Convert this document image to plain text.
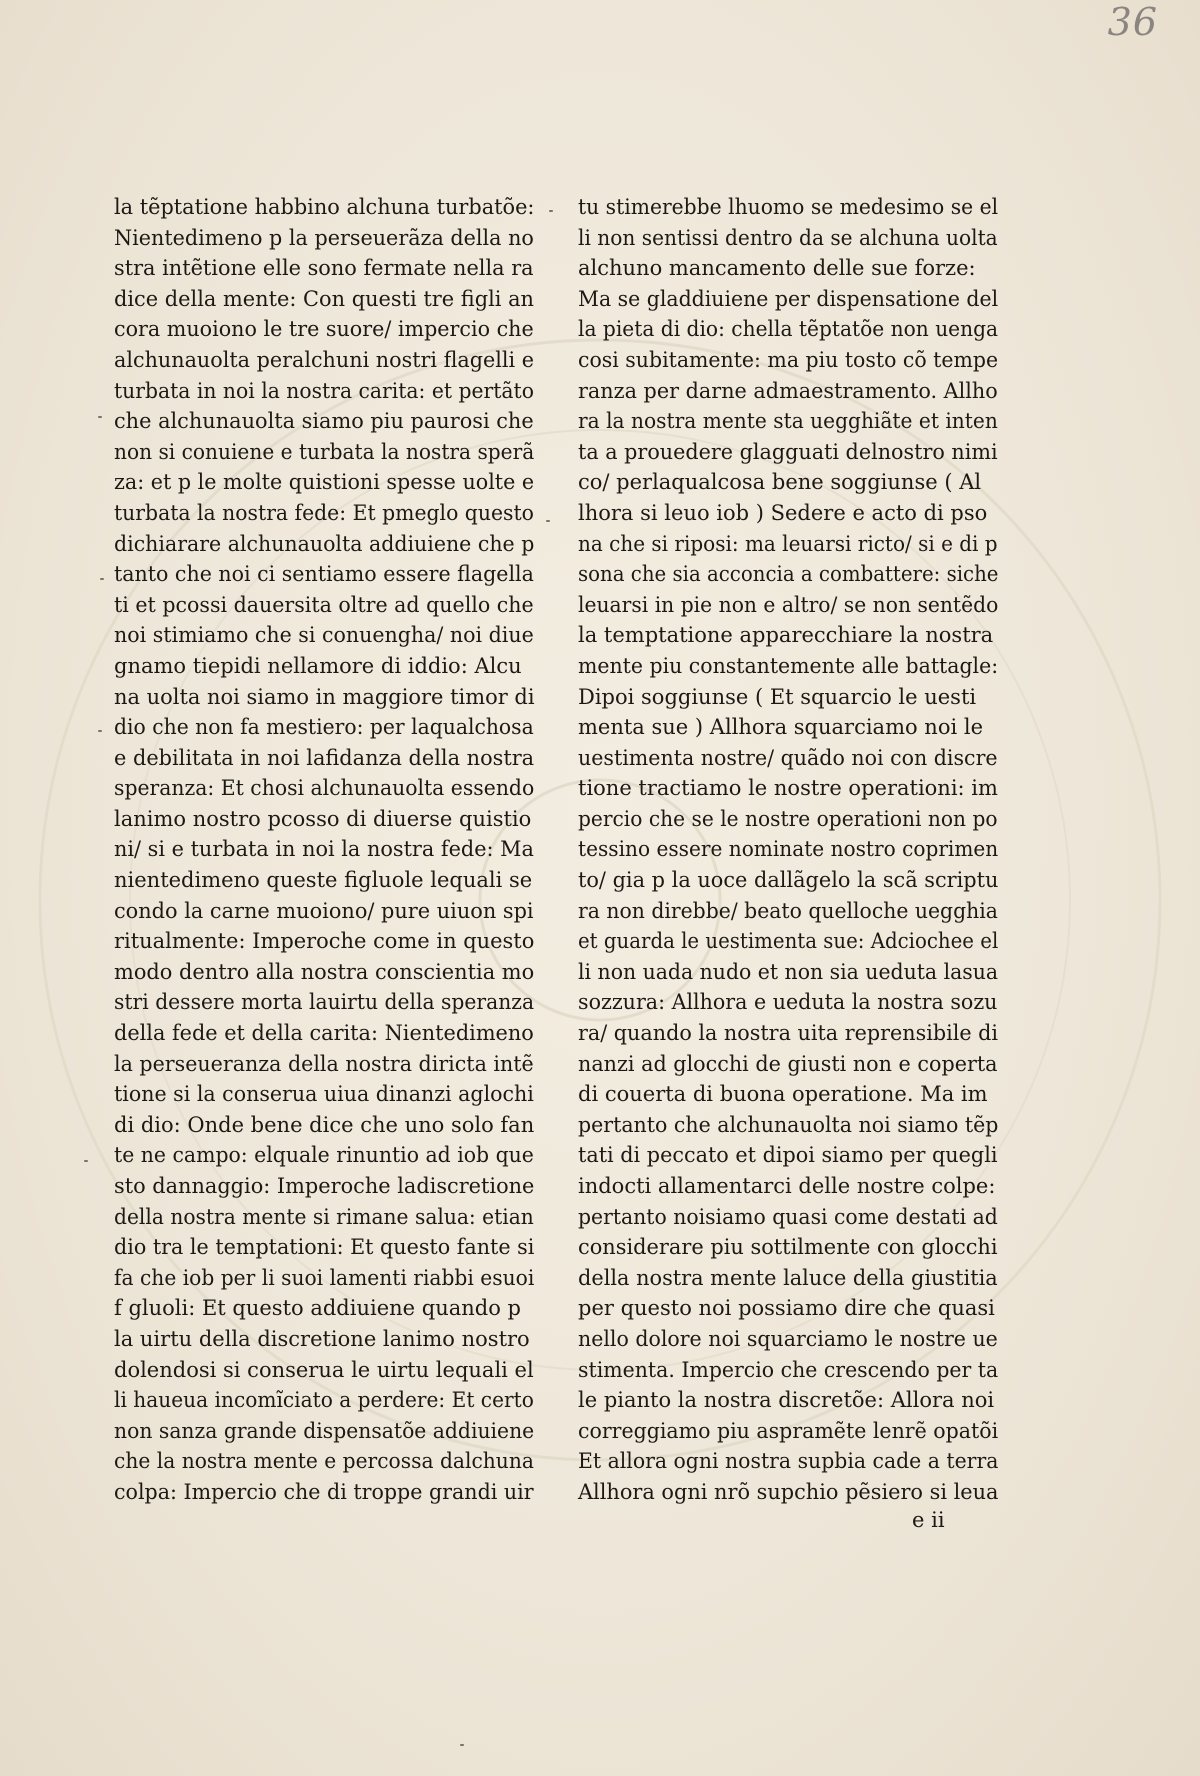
36
la tẽptatione habbino alchuna turbatõe:
Nientedimeno p la perseuerãza della no
stra intẽtione elle sono fermate nella ra
dice della mente: Con questi tre figli an
cora muoiono le tre suore/ impercio che
alchunauolta peralchuni nostri flagelli e
turbata in noi la nostra carita: et pertãto
che alchunauolta siamo piu paurosi che
non si conuiene e turbata la nostra sperã
za: et p le molte quistioni spesse uolte e
turbata la nostra fede: Et pmeglo questo
dichiarare alchunauolta addiuiene che p
tanto che noi ci sentiamo essere flagella
ti et pcossi dauersita oltre ad quello che
noi stimiamo che si conuengha/ noi diue
gnamo tiepidi nellamore di iddio: Alcu
na uolta noi siamo in maggiore timor di
dio che non fa mestiero: per laqualchosa
e debilitata in noi lafidanza della nostra
speranza: Et chosi alchunauolta essendo
lanimo nostro pcosso di diuerse quistio
ni/ si e turbata in noi la nostra fede: Ma
nientedimeno queste figluole lequali se
condo la carne muoiono/ pure uiuon spi
ritualmente: Imperoche come in questo
modo dentro alla nostra conscientia mo
stri dessere morta lauirtu della speranza
della fede et della carita: Nientedimeno
la perseueranza della nostra diricta intẽ
tione si la conserua uiua dinanzi aglochi
di dio: Onde bene dice che uno solo fan
te ne campo: elquale rinuntio ad iob que
sto dannaggio: Imperoche ladiscretione
della nostra mente si rimane salua: etian
dio tra le temptationi: Et questo fante si
fa che iob per li suoi lamenti riabbi esuoi
f gluoli: Et questo addiuiene quando p
la uirtu della discretione lanimo nostro
dolendosi si conserua le uirtu lequali el
li haueua incomĩciato a perdere: Et certo
non sanza grande dispensatõe addiuiene
che la nostra mente e percossa dalchuna
colpa: Impercio che di troppe grandi uir
tu stimerebbe lhuomo se medesimo se el
li non sentissi dentro da se alchuna uolta
alchuno mancamento delle sue forze:
Ma se gladdiuiene per dispensatione del
la pieta di dio: chella tẽptatõe non uenga
cosi subitamente: ma piu tosto cõ tempe
ranza per darne admaestramento. Allho
ra la nostra mente sta uegghiãte et inten
ta a prouedere glagguati delnostro nimi
co/ perlaqualcosa bene soggiunse ( Al
lhora si leuo iob ) Sedere e acto di pso
na che si riposi: ma leuarsi ricto/ si e di p
sona che sia acconcia a combattere: siche
leuarsi in pie non e altro/ se non sentẽdo
la temptatione apparecchiare la nostra
mente piu constantemente alle battagle:
Dipoi soggiunse ( Et squarcio le uesti
menta sue ) Allhora squarciamo noi le
uestimenta nostre/ quãdo noi con discre
tione tractiamo le nostre operationi: im
percio che se le nostre operationi non po
tessino essere nominate nostro coprimen
to/ gia p la uoce dallãgelo la scã scriptu
ra non direbbe/ beato quelloche uegghia
et guarda le uestimenta sue: Adciochee el
li non uada nudo et non sia ueduta lasua
sozzura: Allhora e ueduta la nostra sozu
ra/ quando la nostra uita reprensibile di
nanzi ad glocchi de giusti non e coperta
di couerta di buona operatione. Ma im
pertanto che alchunauolta noi siamo tẽp
tati di peccato et dipoi siamo per quegli
indocti allamentarci delle nostre colpe:
pertanto noisiamo quasi come destati ad
considerare piu sottilmente con glocchi
della nostra mente laluce della giustitia
per questo noi possiamo dire che quasi
nello dolore noi squarciamo le nostre ue
stimenta. Impercio che crescendo per ta
le pianto la nostra discretõe: Allora noi
correggiamo piu aspramẽte lenrẽ opatõi
Et allora ogni nostra supbia cade a terra
Allhora ogni nrõ supchio pẽsiero si leua
e ii
